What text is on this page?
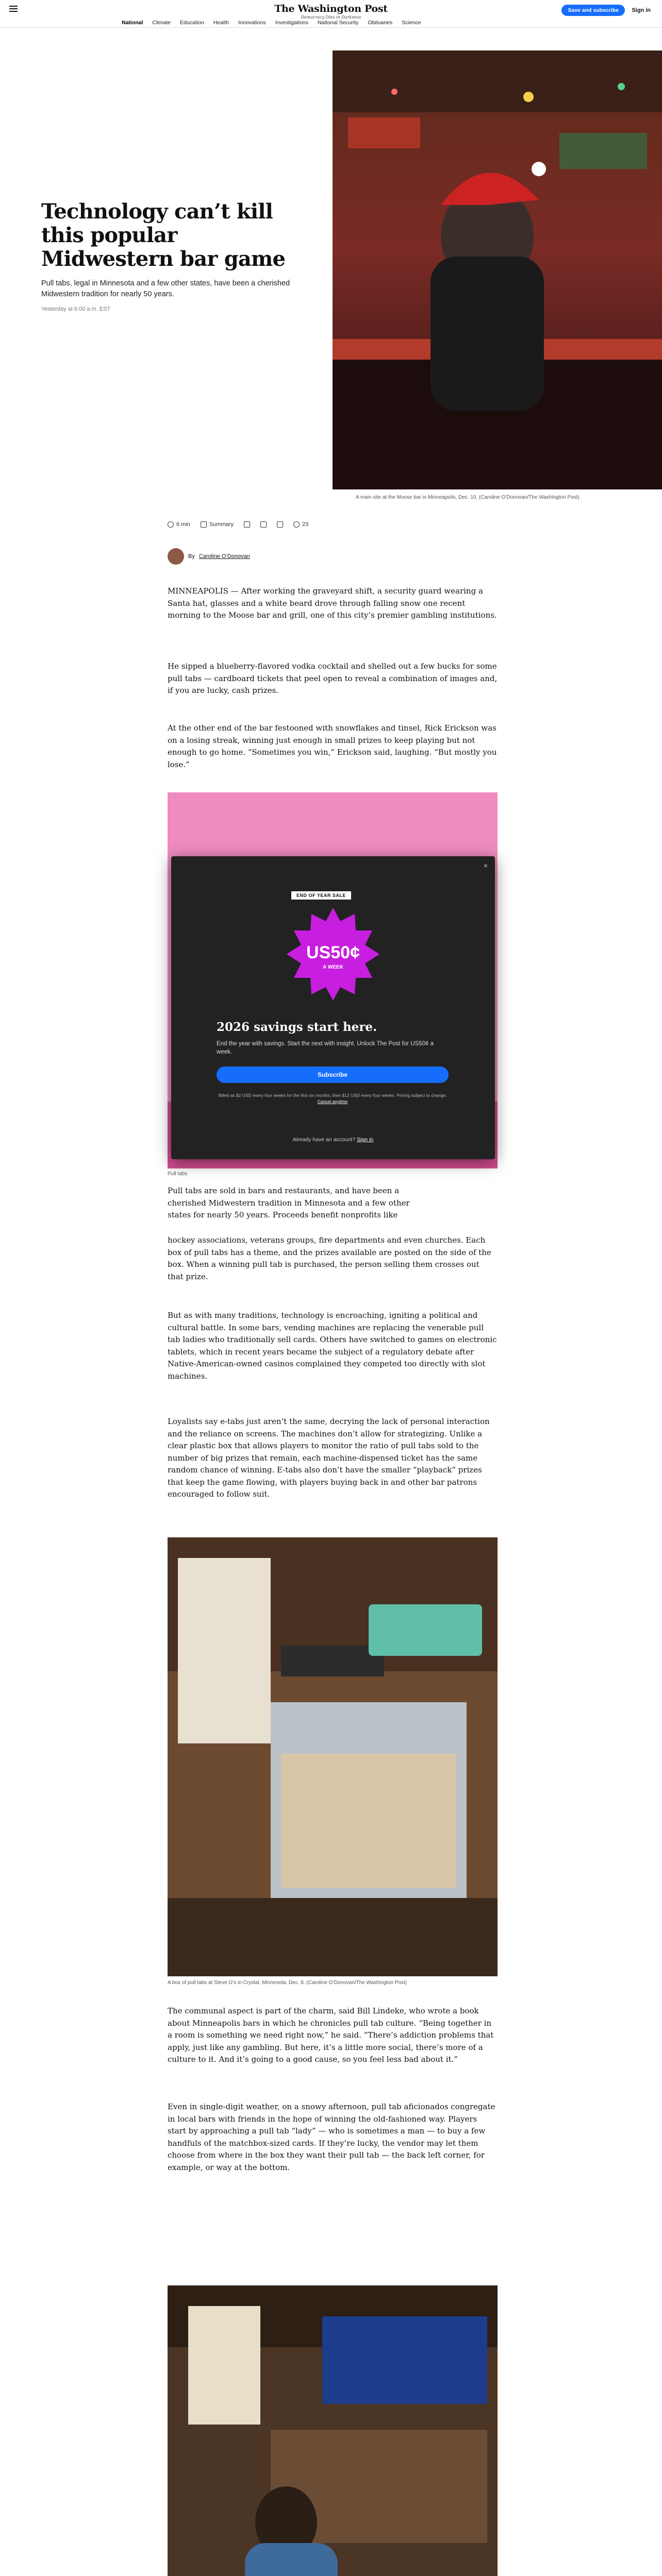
The Washington Post
Democracy Dies in Darkness
Save and subscribe	Sign in
National Climate Education Health Innovations Investigations National Security Obituaries Science
Technology can’t kill this popular Midwestern bar game

Pull tabs, legal in Minnesota and a few other states, have been a cherished Midwestern tradition for nearly 50 years.

Yesterday at 6:00 a.m. EST

A main site at the Moose bar in Minneapolis, Dec. 10. (Caroline O’Donovan/The Washington Post)
6 min	Summary	23
By Caroline O’Donovan

MINNEAPOLIS — After working the graveyard shift, a security guard wearing a Santa hat, glasses and a white beard drove through falling snow one recent morning to the Moose bar and grill, one of this city’s premier gambling institutions.

He sipped a blueberry-flavored vodka cocktail and shelled out a few bucks for some pull tabs — cardboard tickets that peel open to reveal a combination of images and, if you are lucky, cash prizes.

At the other end of the bar festooned with snowflakes and tinsel, Rick Erickson was on a losing streak, winning just enough in small prizes to keep playing but not enough to go home. “Sometimes you win,” Erickson said, laughing. “But mostly you lose.”

Pull tabs

Pull tabs are sold in bars and restaurants, and have been a cherished Midwestern tradition in Minnesota and a few other states for nearly 50 years. Proceeds benefit nonprofits like

hockey associations, veterans groups, fire departments and even churches. Each box of pull tabs has a theme, and the prizes available are posted on the side of the box. When a winning pull tab is purchased, the person selling them crosses out that prize.

But as with many traditions, technology is encroaching, igniting a political and cultural battle. In some bars, vending machines are replacing the venerable pull tab ladies who traditionally sell cards. Others have switched to games on electronic tablets, which in recent years became the subject of a regulatory debate after Native-American-owned casinos complained they competed too directly with slot machines.

Loyalists say e-tabs just aren’t the same, decrying the lack of personal interaction and the reliance on screens. The machines don’t allow for strategizing. Unlike a clear plastic box that allows players to monitor the ratio of pull tabs sold to the number of big prizes that remain, each machine-dispensed ticket has the same random chance of winning. E-tabs also don’t have the smaller “playback” prizes that keep the game flowing, with players buying back in and other bar patrons encouraged to follow suit.

A box of pull tabs at Steve O’s in Crystal, Minnesota, Dec. 8. (Caroline O’Donovan/The Washington Post)

The communal aspect is part of the charm, said Bill Lindeke, who wrote a book about Minneapolis bars in which he chronicles pull tab culture. “Being together in a room is something we need right now,” he said. “There’s addiction problems that apply, just like any gambling. But here, it’s a little more social, there’s more of a culture to it. And it’s going to a good cause, so you feel less bad about it.”

Even in single-digit weather, on a snowy afternoon, pull tab aficionados congregate in local bars with friends in the hope of winning the old-fashioned way. Players start by approaching a pull tab “lady” — who is sometimes a man — to buy a few handfuls of the matchbox-sized cards. If they’re lucky, the vendor may let them choose from where in the box they want their pull tab — the back left corner, for example, or way at the bottom.

×
END OF YEAR SALE
US50¢
A WEEK
2026 savings start here.

End the year with savings. Start the next with insight. Unlock The Post for US50¢ a week.

Subscribe

Billed as $2 USD every four weeks for the first six months, then $12 USD every four weeks. Pricing subject to change. Cancel anytime

Already have an account? Sign in
